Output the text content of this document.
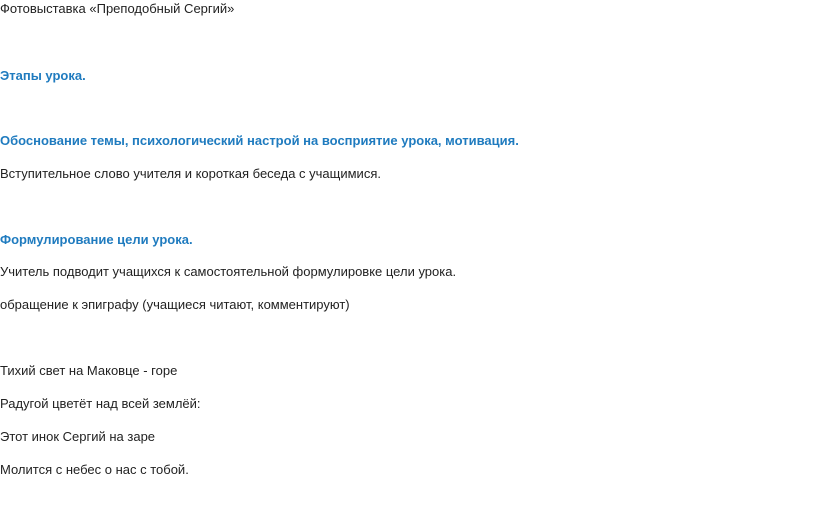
Фотовыставка «Преподобный Сергий»

Этапы урока.

Обоснование темы, психологический настрой на восприятие урока, мотивация.

Вступительное слово учителя и короткая беседа с учащимися.

Формулирование цели урока.

Учитель подводит учащихся к самостоятельной формулировке цели урока.

обращение к эпиграфу (учащиеся читают, комментируют)

Тихий свет на Маковце - горе

Радугой цветёт над всей землёй:

Этот инок Сергий на заре

Молится с небес о нас с тобой.
